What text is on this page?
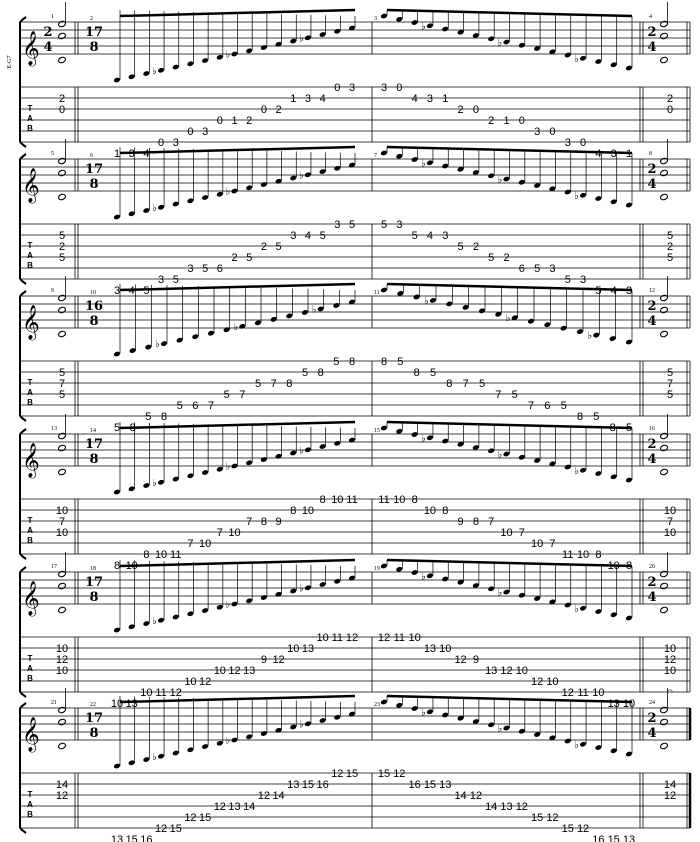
E-G7 𝄞
T
A
B
1	2	3	4
2
4
17
8
2
4
2
0
2
0
1 3 4
♭
0 3
0 3
0
♭
1 2
0 2
1
♭
3 4
0 3 3 0
4
♭
3 1
2 0
2
♭
1 0
3 0
3
♭
0
4 3 1
𝄞
T
A
B
5	6	7	8
17
8
2
4
5
2
5
5
2
5
3 4 5
♭
3 5
3 5 6
♭
2 5
2 5
3
♭
4 5
3 5 5 3
5
♭
4 3
5 2
5
♭
2
6 5 3
5
♭
3
5 4 3
𝄞
T
A
B
9	10	11	12
16
8
2
4
5
7
5
5
7
5
5 8
5
♭
8
5 6 7
5
♭
7
5 7 8
5
♭
8
5 8 8 5
8
♭
5
8 7 5
7
♭
5
7 6 5
8
♭
5
8 5
𝄞
T
A
B
13	14	15	16
17
8
2
4
10
7
10
10
7
10
8 10
8
♭
10 11
7 10
7
♭
10
7 8 9
8
♭
10
8 10 11 11 10 8
♭
10 8
9 8 7
♭
10 7
10 7
11
♭
10 8
10 8
𝄞
T
A
B
17	18	19	20
17
8
2
4
10
12
10
10
12
10
10 13
10
♭
11 12
10 12
10
♭
12 13
9 12
10
♭
13
10 11 12 12 11 10
♭
13 10
12 9
13
♭
12 10
12 10
12
♭
11 10
13 10
𝄞
T
A
B
21	22	23	24
17
8
2
4
14
12
14
12
13 15 16
♭
12 15
12 15
12
♭
13 14
12 14
13
♭
15 16
12 15 15 12
16
♭
15 13
14 12
14
♭
13 12
15 12
15
♭
12
16 15 13
𝄐
